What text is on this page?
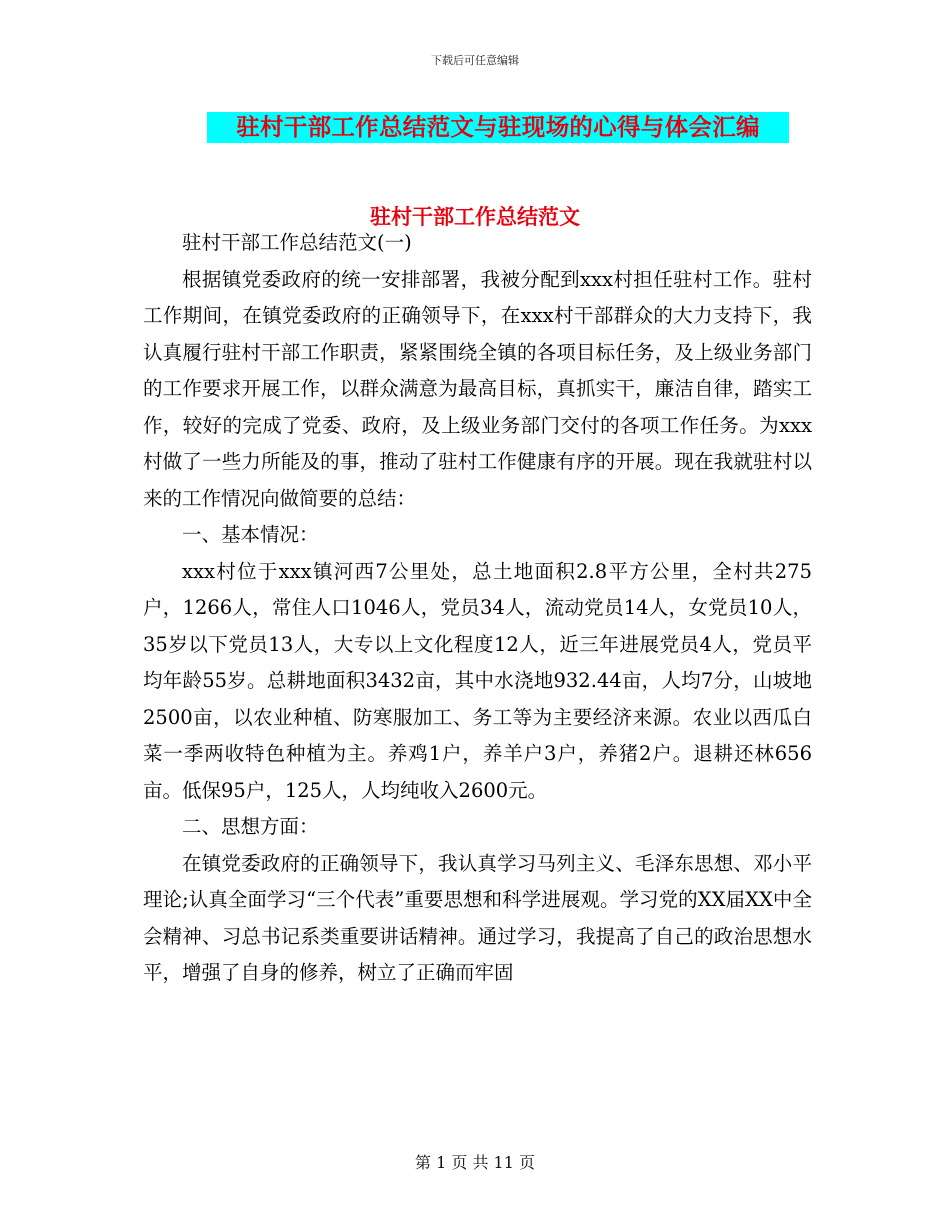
下载后可任意编辑
驻村干部工作总结范文与驻现场的心得与体会汇编
驻村干部工作总结范文

驻村干部工作总结范文(一)

根据镇党委政府的统一安排部署，我被分配到xxx村担任驻村工作。驻村工作期间，在镇党委政府的正确领导下，在xxx村干部群众的大力支持下，我认真履行驻村干部工作职责，紧紧围绕全镇的各项目标任务，及上级业务部门的工作要求开展工作，以群众满意为最高目标，真抓实干，廉洁自律，踏实工作，较好的完成了党委、政府，及上级业务部门交付的各项工作任务。为xxx村做了一些力所能及的事，推动了驻村工作健康有序的开展。现在我就驻村以来的工作情况向做简要的总结：

一、基本情况：

xxx村位于xxx镇河西7公里处，总土地面积2.8平方公里，全村共275户，1266人，常住人口1046人，党员34人，流动党员14人，女党员10人，35岁以下党员13人，大专以上文化程度12人，近三年进展党员4人，党员平均年龄55岁。总耕地面积3432亩，其中水浇地932.44亩，人均7分，山坡地2500亩，以农业种植、防寒服加工、务工等为主要经济来源。农业以西瓜白菜一季两收特色种植为主。养鸡1户，养羊户3户，养猪2户。退耕还林656亩。低保95户，125人，人均纯收入2600元。

二、思想方面：

在镇党委政府的正确领导下，我认真学习马列主义、毛泽东思想、邓小平理论;认真全面学习“三个代表”重要思想和科学进展观。学习党的XX届XX中全会精神、习总书记系类重要讲话精神。通过学习，我提高了自己的政治思想水平，增强了自身的修养，树立了正确而牢固

第 1 页 共 11 页
